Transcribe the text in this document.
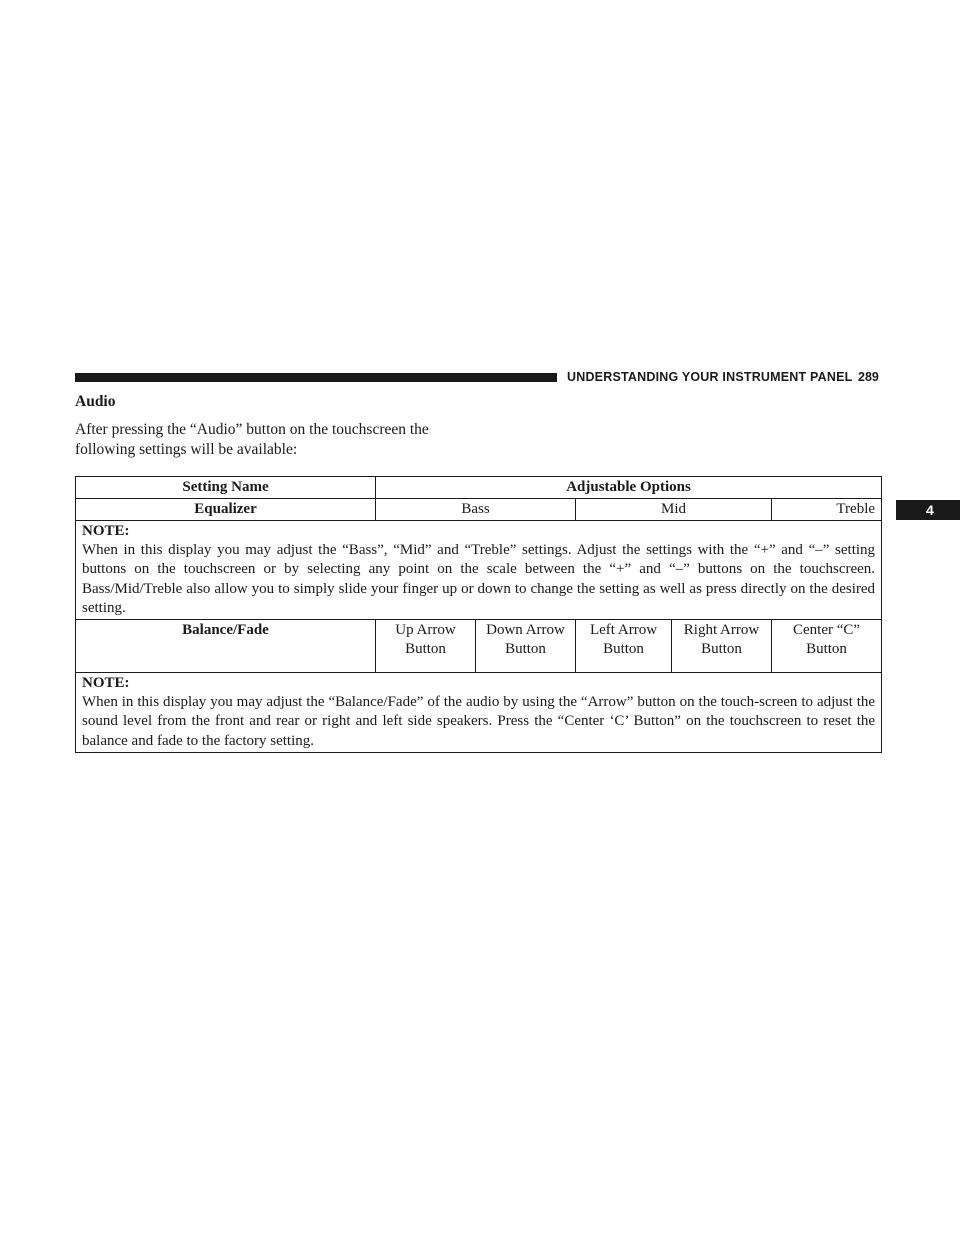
UNDERSTANDING YOUR INSTRUMENT PANEL 289
4
Audio
After pressing the “Audio” button on the touchscreen the following settings will be available:
Setting Name	Adjustable Options				
Equalizer	Bass		Mid		Treble

NOTE:
When in this display you may adjust the “Bass”, “Mid” and “Treble” settings. Adjust the settings with the “+” and “–” setting buttons on the touchscreen or by selecting any point on the scale between the “+” and “–” buttons on the touchscreen. Bass/Mid/Treble also allow you to simply slide your finger up or down to change the setting as well as press directly on the desired setting.					
Balance/Fade	Up Arrow Button	Down Arrow Button	Left Arrow Button	Right Arrow Button	Center “C” Button

NOTE:
When in this display you may adjust the “Balance/Fade” of the audio by using the “Arrow” button on the touch-screen to adjust the sound level from the front and rear or right and left side speakers. Press the “Center ‘C’ Button” on the touchscreen to reset the balance and fade to the factory setting.					
